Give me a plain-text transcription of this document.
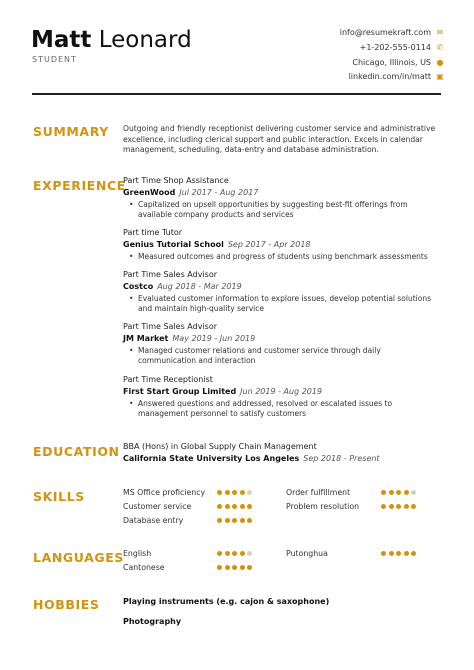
Matt Leonard
STUDENT
info@resumekraft.com ✉
+1-202-555-0114 ✆
Chicago, Illinois, US ●
linkedin.com/in/matt ▣
SUMMARY Outgoing and friendly receptionist delivering customer service and administrative excellence, including clerical support and public interaction. Excels in calendar management, scheduling, data-entry and database administration.
EXPERIENCE
Part Time Shop Assistance
GreenWood Jul 2017 - Aug 2017
• Capitalized on upsell opportunities by suggesting best-fit offerings from available company products and services
Part time Tutor
Genius Tutorial School Sep 2017 - Apr 2018
• Measured outcomes and progress of students using benchmark assessments
Part Time Sales Advisor
Costco Aug 2018 - Mar 2019
• Evaluated customer information to explore issues, develop potential solutions and maintain high-quality service
Part Time Sales Advisor
JM Market May 2019 - Jun 2019
• Managed customer relations and customer service through daily communication and interaction
Part Time Receptionist
First Start Group Limited Jun 2019 - Aug 2019
• Answered questions and addressed, resolved or escalated issues to management personnel to satisfy customers
EDUCATION BBA (Hons) in Global Supply Chain Management
California State University Los Angeles Sep 2018 - Present
SKILLS	MS Office proficiency	Order fulfillment
Customer service	Problem resolution
Database entry
LANGUAGES
English	Putonghua
Cantonese
HOBBIES	Playing instruments (e.g. cajon & saxophone)
Photography
